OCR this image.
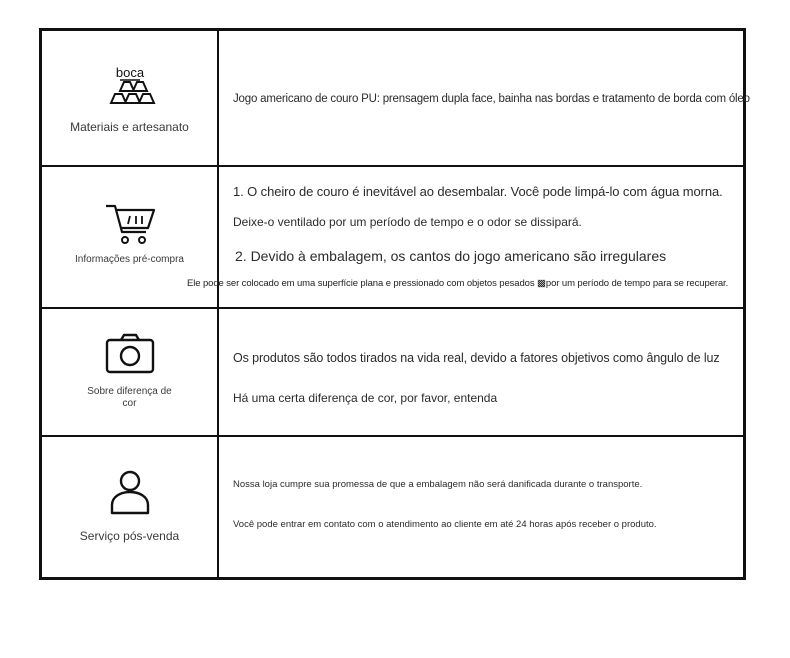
boca
Materiais e artesanato
Informações pré-compra
Sobre diferença de cor
Serviço pós-venda
Jogo americano de couro PU: prensagem dupla face, bainha nas bordas e tratamento de borda com óleo
1. O cheiro de couro é inevitável ao desembalar. Você pode limpá-lo com água morna.
Deixe-o ventilado por um período de tempo e o odor se dissipará.
2. Devido à embalagem, os cantos do jogo americano são irregulares
Os produtos são todos tirados na vida real, devido a fatores objetivos como ângulo de luz
Há uma certa diferença de cor, por favor, entenda
Nossa loja cumpre sua promessa de que a embalagem não será danificada durante o transporte.
Você pode entrar em contato com o atendimento ao cliente em até 24 horas após receber o produto.
Ele pode ser colocado em uma superfície plana e pressionado com objetos pesados ▩por um período de tempo para se recuperar.
